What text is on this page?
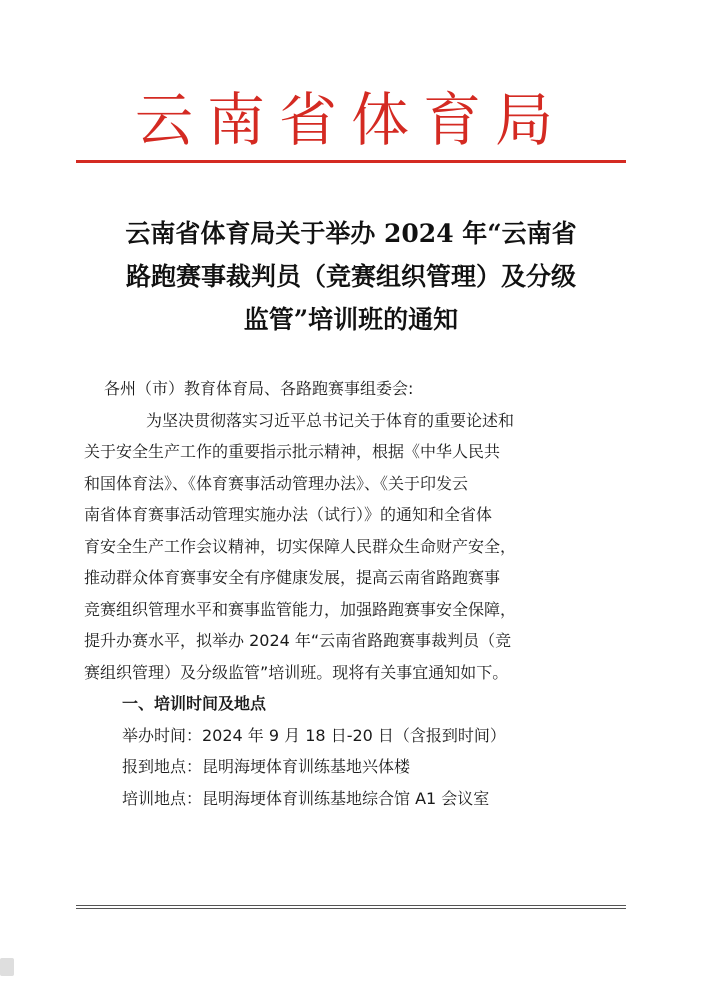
云南省体育局
云南省体育局关于举办 2024 年“云南省
路跑赛事裁判员（竞赛组织管理）及分级
监管”培训班的通知
各州（市）教育体育局、各路跑赛事组委会:
为坚决贯彻落实习近平总书记关于体育的重要论述和
关于安全生产工作的重要指示批示精神，根据《中华人民共
和国体育法》、《体育赛事活动管理办法》、《关于印发云
南省体育赛事活动管理实施办法（试行）》的通知和全省体
育安全生产工作会议精神，切实保障人民群众生命财产安全，
推动群众体育赛事安全有序健康发展，提高云南省路跑赛事
竞赛组织管理水平和赛事监管能力，加强路跑赛事安全保障，
提升办赛水平，拟举办 2024 年“云南省路跑赛事裁判员（竞
赛组织管理）及分级监管”培训班。现将有关事宜通知如下。
一、培训时间及地点
举办时间：2024 年 9 月 18 日-20 日（含报到时间）
报到地点：昆明海埂体育训练基地兴体楼
培训地点：昆明海埂体育训练基地综合馆 A1 会议室
